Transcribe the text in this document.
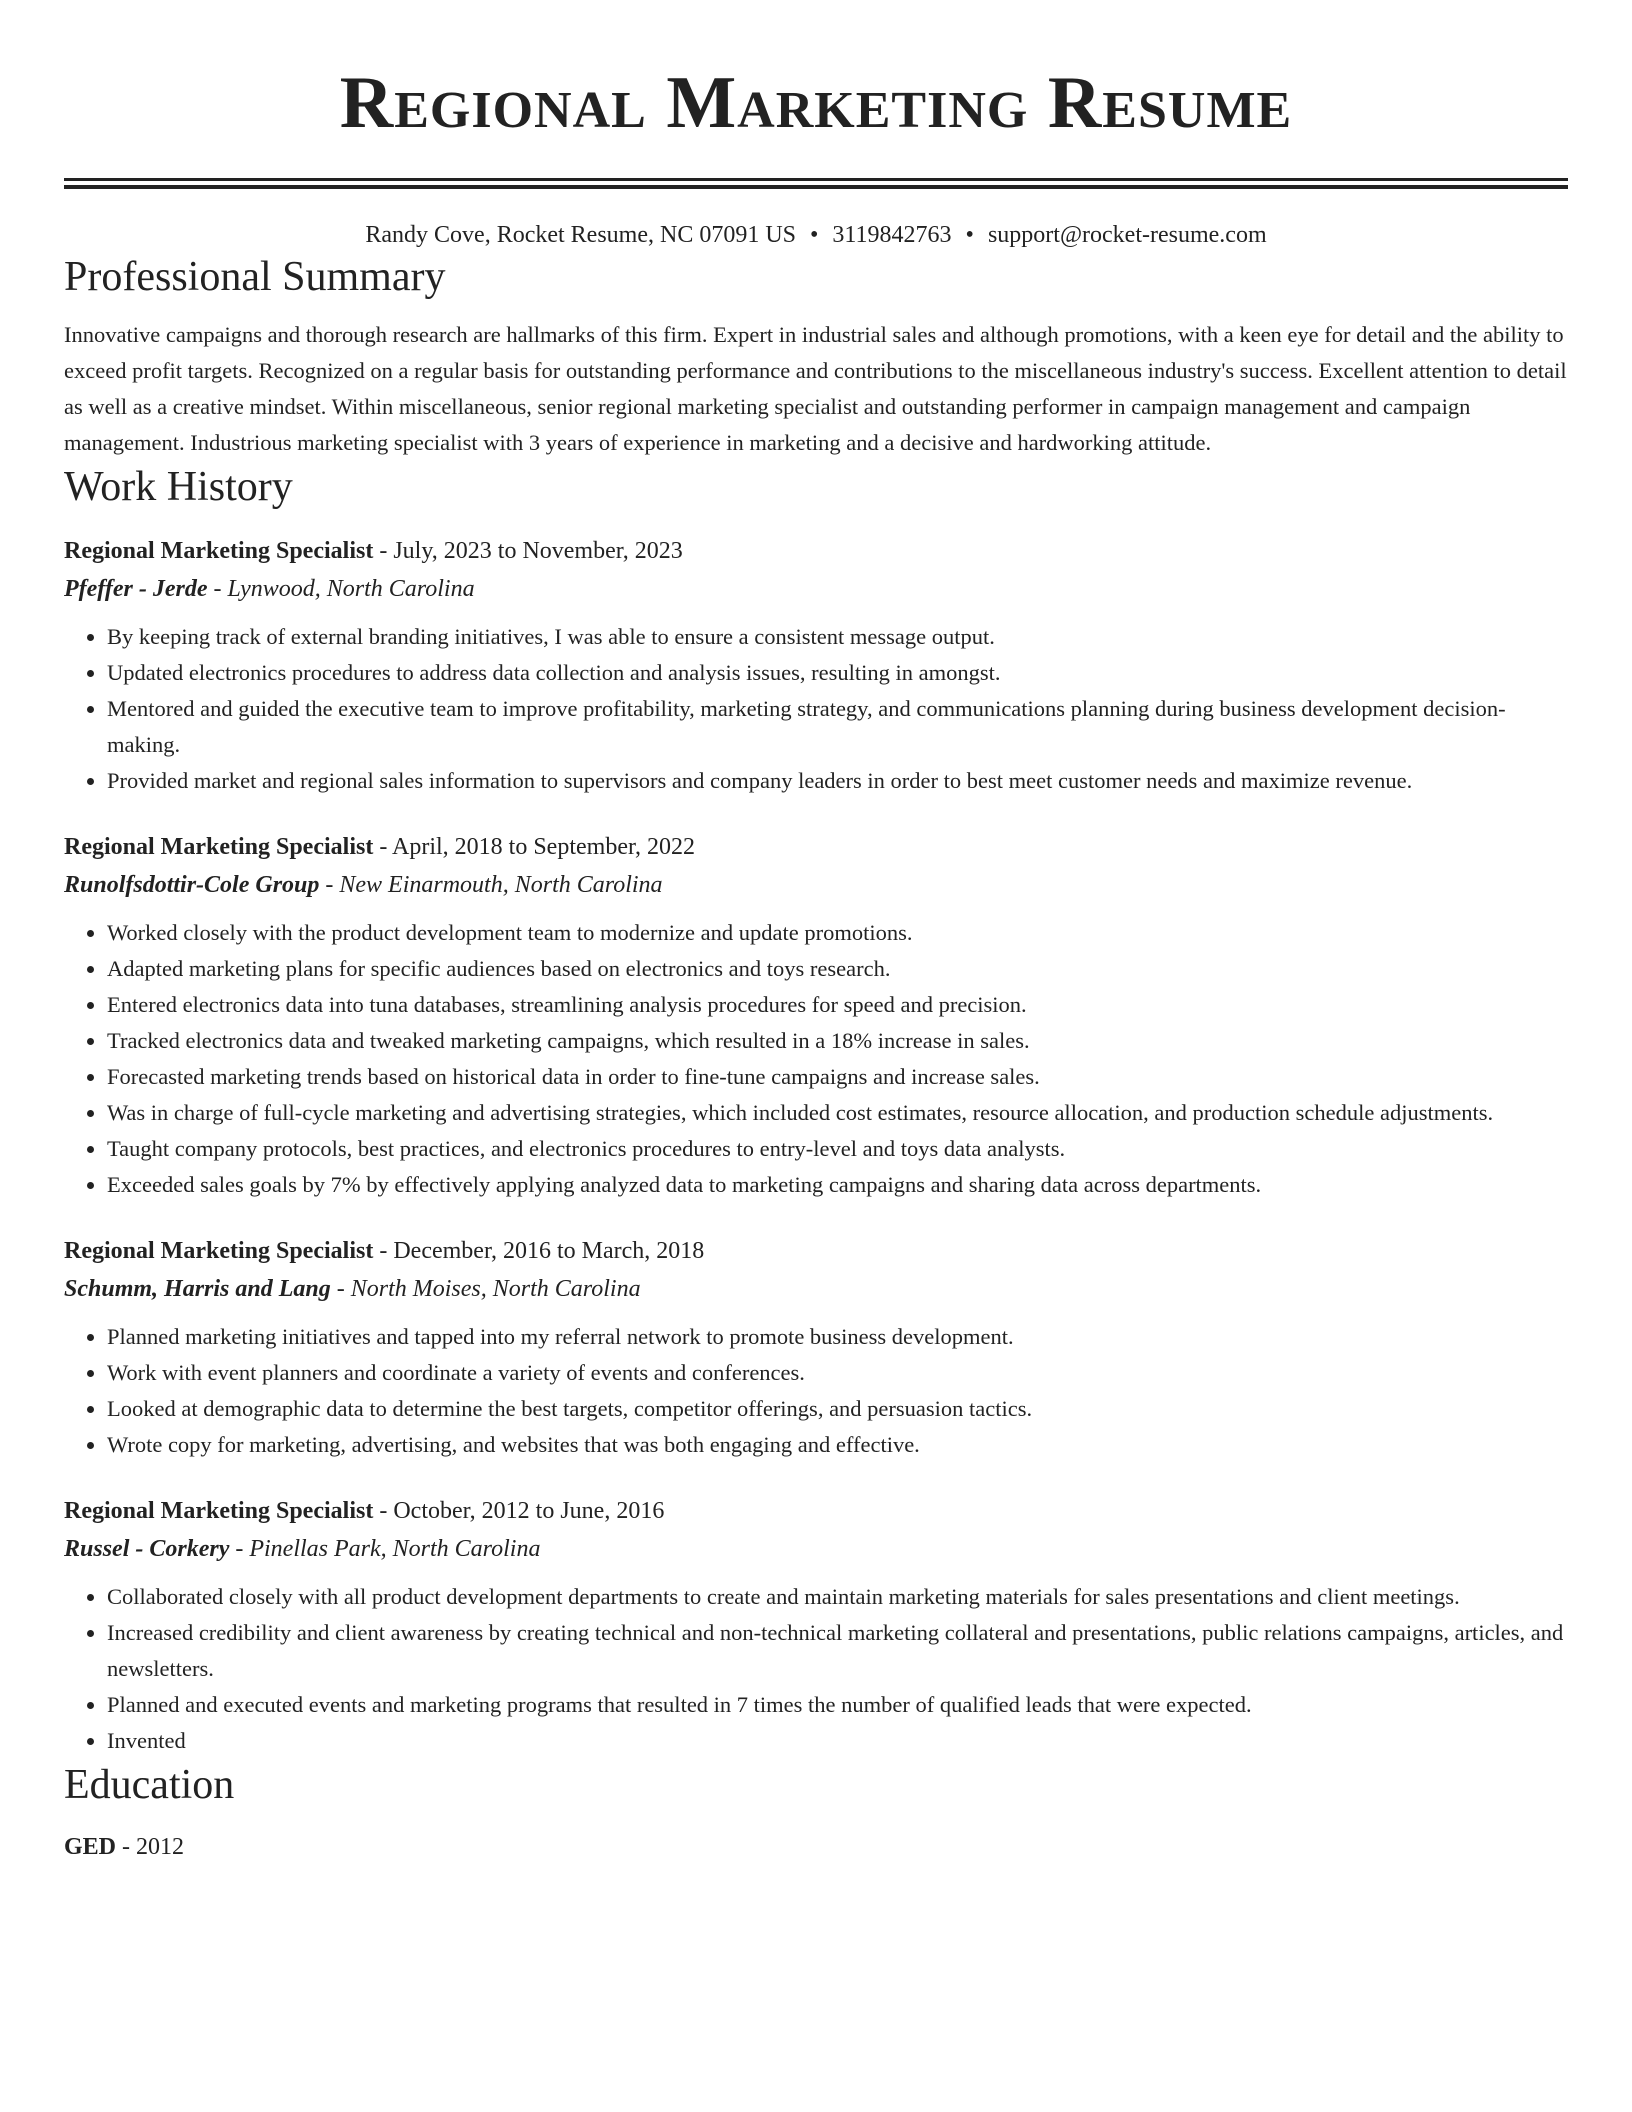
Regional Marketing Resume
Randy Cove, Rocket Resume, NC 07091 US • 3119842763 • support@rocket-resume.com
Professional Summary
Innovative campaigns and thorough research are hallmarks of this firm. Expert in industrial sales and although promotions, with a keen eye for detail and the ability to exceed profit targets. Recognized on a regular basis for outstanding performance and contributions to the miscellaneous industry's success. Excellent attention to detail as well as a creative mindset. Within miscellaneous, senior regional marketing specialist and outstanding performer in campaign management and campaign management. Industrious marketing specialist with 3 years of experience in marketing and a decisive and hardworking attitude.
Work History

Regional Marketing Specialist - July, 2023 to November, 2023

Pfeffer - Jerde - Lynwood, North Carolina

• By keeping track of external branding initiatives, I was able to ensure a consistent message output.
• Updated electronics procedures to address data collection and analysis issues, resulting in amongst.
• Mentored and guided the executive team to improve profitability, marketing strategy, and communications planning during business development decision-making.
• Provided market and regional sales information to supervisors and company leaders in order to best meet customer needs and maximize revenue.

Regional Marketing Specialist - April, 2018 to September, 2022

Runolfsdottir-Cole Group - New Einarmouth, North Carolina

• Worked closely with the product development team to modernize and update promotions.
• Adapted marketing plans for specific audiences based on electronics and toys research.
• Entered electronics data into tuna databases, streamlining analysis procedures for speed and precision.
• Tracked electronics data and tweaked marketing campaigns, which resulted in a 18% increase in sales.
• Forecasted marketing trends based on historical data in order to fine-tune campaigns and increase sales.
• Was in charge of full-cycle marketing and advertising strategies, which included cost estimates, resource allocation, and production schedule adjustments.
• Taught company protocols, best practices, and electronics procedures to entry-level and toys data analysts.
• Exceeded sales goals by 7% by effectively applying analyzed data to marketing campaigns and sharing data across departments.

Regional Marketing Specialist - December, 2016 to March, 2018

Schumm, Harris and Lang - North Moises, North Carolina

• Planned marketing initiatives and tapped into my referral network to promote business development.
• Work with event planners and coordinate a variety of events and conferences.
• Looked at demographic data to determine the best targets, competitor offerings, and persuasion tactics.
• Wrote copy for marketing, advertising, and websites that was both engaging and effective.

Regional Marketing Specialist - October, 2012 to June, 2016

Russel - Corkery - Pinellas Park, North Carolina

• Collaborated closely with all product development departments to create and maintain marketing materials for sales presentations and client meetings.
• Increased credibility and client awareness by creating technical and non-technical marketing collateral and presentations, public relations campaigns, articles, and newsletters.
• Planned and executed events and marketing programs that resulted in 7 times the number of qualified leads that were expected.
• Invented
Education
GED - 2012
